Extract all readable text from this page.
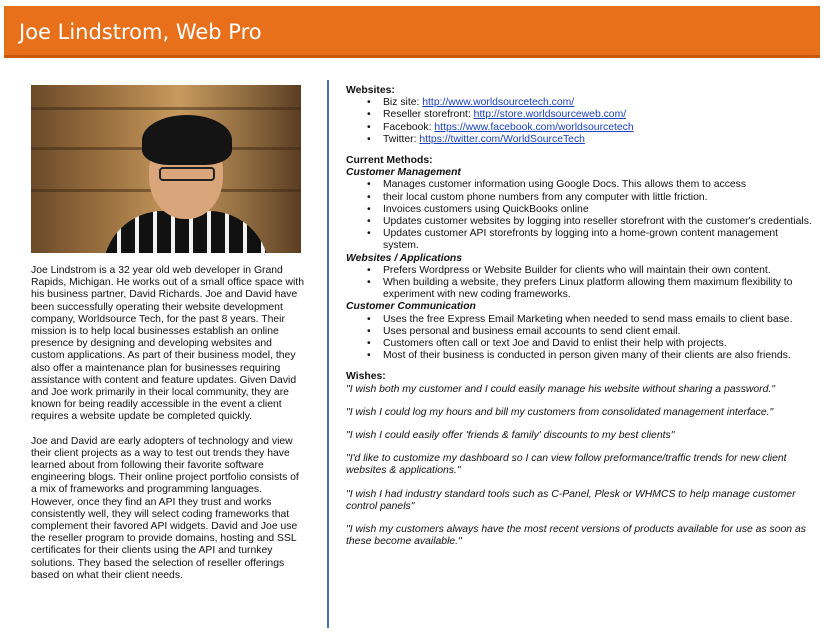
Joe Lindstrom, Web Pro

Joe Lindstrom is a 32 year old web developer in Grand Rapids, Michigan. He works out of a small office space with his business partner, David Richards. Joe and David have been successfully operating their website development company, Worldsource Tech, for the past 8 years. Their mission is to help local businesses establish an online presence by designing and developing websites and custom applications. As part of their business model, they also offer a maintenance plan for businesses requiring assistance with content and feature updates. Given David and Joe work primarily in their local community, they are known for being readily accessible in the event a client requires a website update be completed quickly.

Joe and David are early adopters of technology and view their client projects as a way to test out trends they have learned about from following their favorite software engineering blogs. Their online project portfolio consists of a mix of frameworks and programming languages. However, once they find an API they trust and works consistently well, they will select coding frameworks that complement their favored API widgets. David and Joe use the reseller program to provide domains, hosting and SSL certificates for their clients using the API and turnkey solutions. They based the selection of reseller offerings based on what their client needs.

Websites:
• Biz site: http://www.worldsourcetech.com/
• Reseller storefront: http://store.worldsourceweb.com/
• Facebook: https://www.facebook.com/worldsourcetech
• Twitter: https://twitter.com/WorldSourceTech
Current Methods:
Customer Management
• Manages customer information using Google Docs. This allows them to access
• their local custom phone numbers from any computer with little friction.
• Invoices customers using QuickBooks online
• Updates customer websites by logging into reseller storefront with the customer's credentials.
• Updates customer API storefronts by logging into a home-grown content management system.
Websites / Applications
• Prefers Wordpress or Website Builder for clients who will maintain their own content.
• When building a website, they prefers Linux platform allowing them maximum flexibility to experiment with new coding frameworks.
Customer Communication
• Uses the free Express Email Marketing when needed to send mass emails to client base.
• Uses personal and business email accounts to send client email.
• Customers often call or text Joe and David to enlist their help with projects.
• Most of their business is conducted in person given many of their clients are also friends.
Wishes:
"I wish both my customer and I could easily manage his website without sharing a password."
"I wish I could log my hours and bill my customers from consolidated management interface."
"I wish I could easily offer 'friends & family' discounts to my best clients"
"I'd like to customize my dashboard so I can view follow preformance/traffic trends for new client websites & applications."
"I wish I had industry standard tools such as C-Panel, Plesk or WHMCS to help manage customer control panels"
"I wish my customers always have the most recent versions of products available for use as soon as these become available."
